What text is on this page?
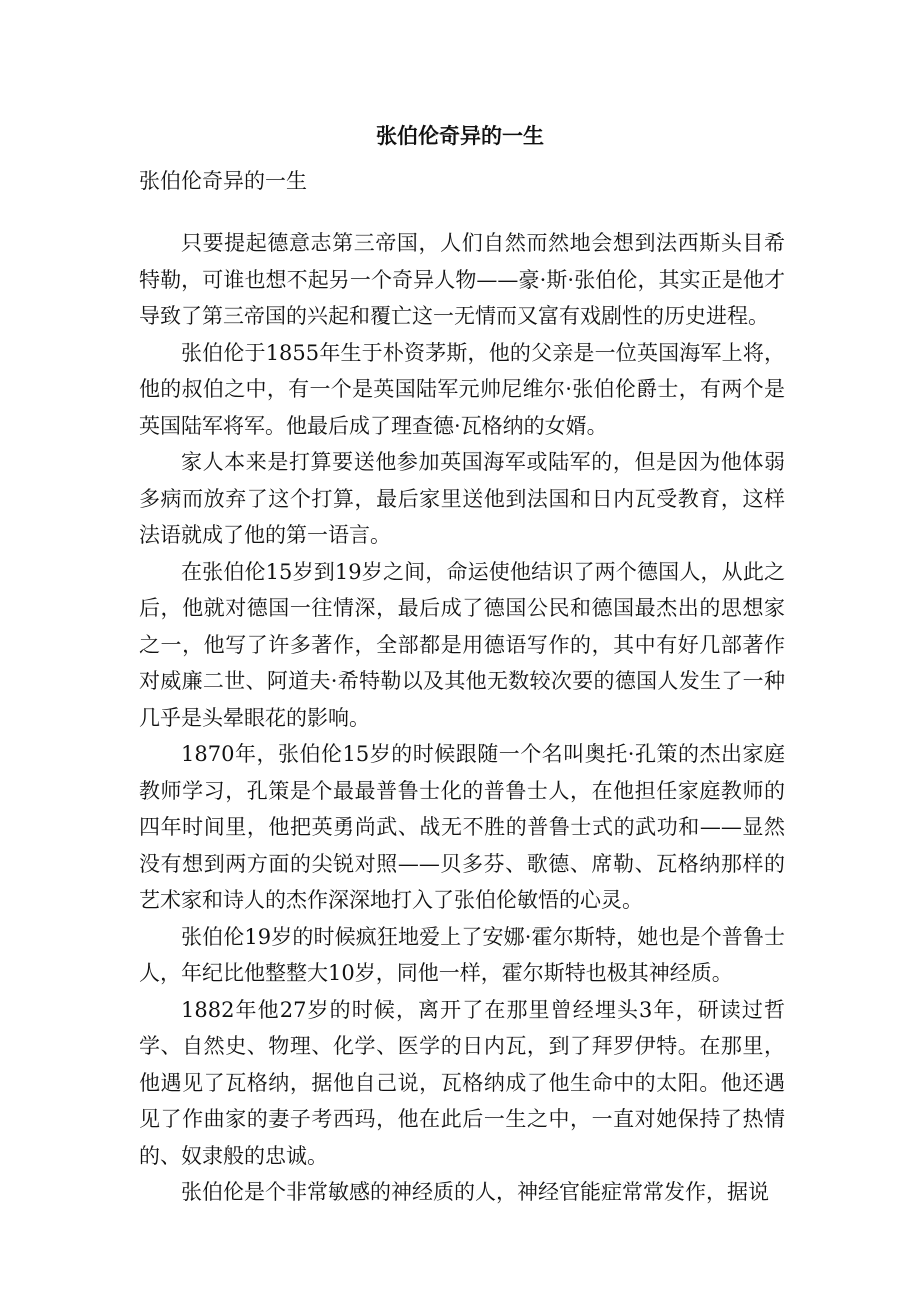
张伯伦奇异的一生

张伯伦奇异的一生

只要提起德意志第三帝国，人们自然而然地会想到法西斯头目希特勒，可谁也想不起另一个奇异人物——豪·斯·张伯伦，其实正是他才导致了第三帝国的兴起和覆亡这一无情而又富有戏剧性的历史进程。

张伯伦于1855年生于朴资茅斯，他的父亲是一位英国海军上将，他的叔伯之中，有一个是英国陆军元帅尼维尔·张伯伦爵士，有两个是英国陆军将军。他最后成了理查德·瓦格纳的女婿。

家人本来是打算要送他参加英国海军或陆军的，但是因为他体弱多病而放弃了这个打算，最后家里送他到法国和日内瓦受教育，这样法语就成了他的第一语言。

在张伯伦15岁到19岁之间，命运使他结识了两个德国人，从此之后，他就对德国一往情深，最后成了德国公民和德国最杰出的思想家之一，他写了许多著作，全部都是用德语写作的，其中有好几部著作对威廉二世、阿道夫·希特勒以及其他无数较次要的德国人发生了一种几乎是头晕眼花的影响。

1870年，张伯伦15岁的时候跟随一个名叫奥托·孔策的杰出家庭教师学习，孔策是个最最普鲁士化的普鲁士人，在他担任家庭教师的四年时间里，他把英勇尚武、战无不胜的普鲁士式的武功和——显然没有想到两方面的尖锐对照——贝多芬、歌德、席勒、瓦格纳那样的艺术家和诗人的杰作深深地打入了张伯伦敏悟的心灵。

张伯伦19岁的时候疯狂地爱上了安娜·霍尔斯特，她也是个普鲁士人，年纪比他整整大10岁，同他一样，霍尔斯特也极其神经质。

1882年他27岁的时候，离开了在那里曾经埋头3年，研读过哲学、自然史、物理、化学、医学的日内瓦，到了拜罗伊特。在那里，他遇见了瓦格纳，据他自己说，瓦格纳成了他生命中的太阳。他还遇见了作曲家的妻子考西玛，他在此后一生之中，一直对她保持了热情的、奴隶般的忠诚。

张伯伦是个非常敏感的神经质的人，神经官能症常常发作，据说
